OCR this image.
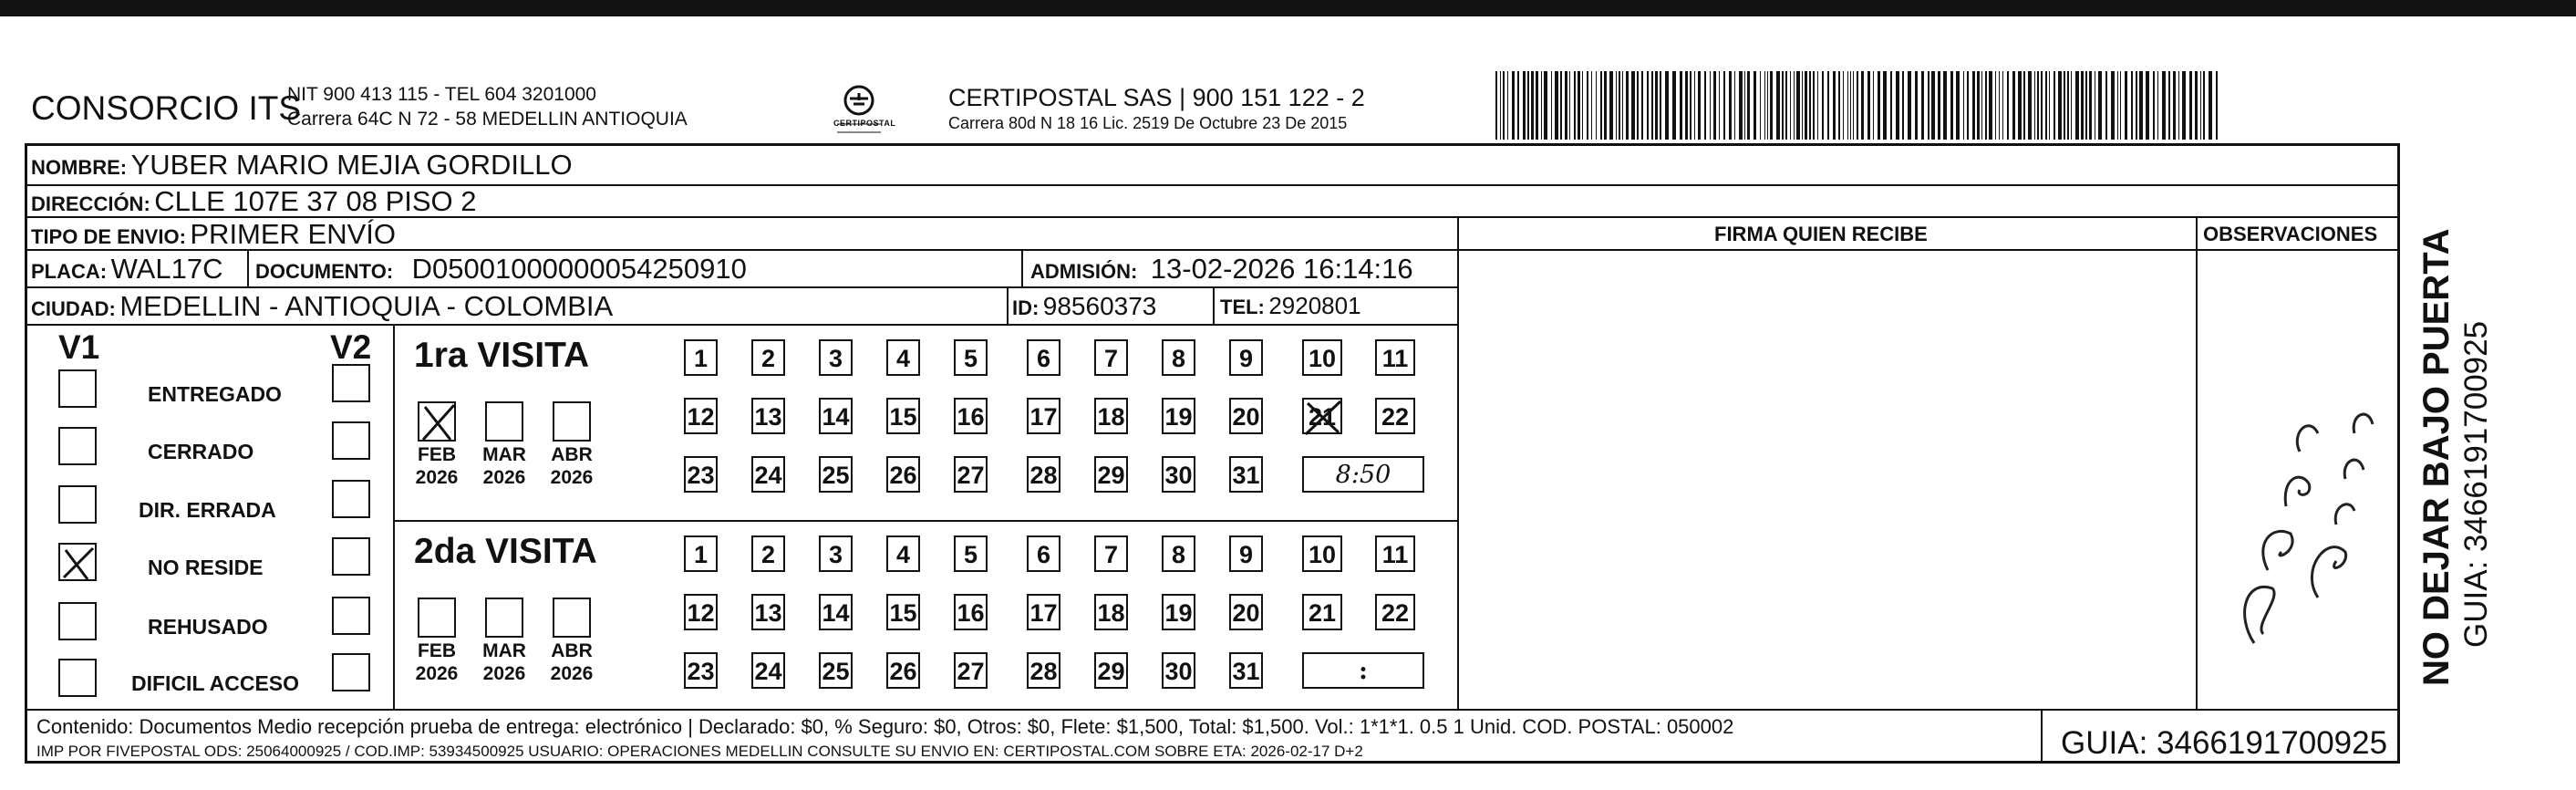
CONSORCIO ITS
NIT 900 413 115 - TEL 604 3201000
Carrera 64C N 72 - 58 MEDELLIN ANTIOQUIA	CERTIPOSTAL
CERTIPOSTAL SAS | 900 151 122 - 2
Carrera 80d N 18 16 Lic. 2519 De Octubre 23 De 2015
NOMBRE: YUBER MARIO MEJIA GORDILLO
DIRECCIÓN: CLLE 107E 37 08 PISO 2
TIPO DE ENVIO: PRIMER ENVÍO
PLACA: WAL17C DOCUMENTO: D05001000000054250910	ADMISIÓN: 13-02-2026 16:14:16
CIUDAD: MEDELLIN - ANTIOQUIA - COLOMBIA	ID: 98560373	TEL: 2920801
FIRMA QUIEN RECIBE	OBSERVACIONES NO DEJAR BAJO PUERTA GUIA: 3466191700925
V1	V2
ENTREGADO
CERRADO
DIR. ERRADA
NO RESIDE
REHUSADO
DIFICIL ACCESO
1ra VISITA
FEB
2026
MAR
2026
ABR
2026
1	2	3	4	5	6	7	8	9	10 11
12 13 14 15 16 17 18 19 20 21 22
23 24 25 26 27 28 29 30 31	8:50
2da VISITA
FEB
2026
MAR
2026
ABR
2026
1	2	3	4	5	6	7	8	9	10 11
12 13 14 15 16 17 18 19 20 21 22
23 24 25 26 27 28 29 30 31	:
Contenido: Documentos Medio recepción prueba de entrega: electrónico | Declarado: $0, % Seguro: $0, Otros: $0, Flete: $1,500, Total: $1,500. Vol.: 1*1*1. 0.5 1 Unid. COD. POSTAL: 050002
IMP POR FIVEPOSTAL ODS: 25064000925 / COD.IMP: 53934500925 USUARIO: OPERACIONES MEDELLIN CONSULTE SU ENVIO EN: CERTIPOSTAL.COM SOBRE ETA: 2026-02-17 D+2	GUIA: 3466191700925
